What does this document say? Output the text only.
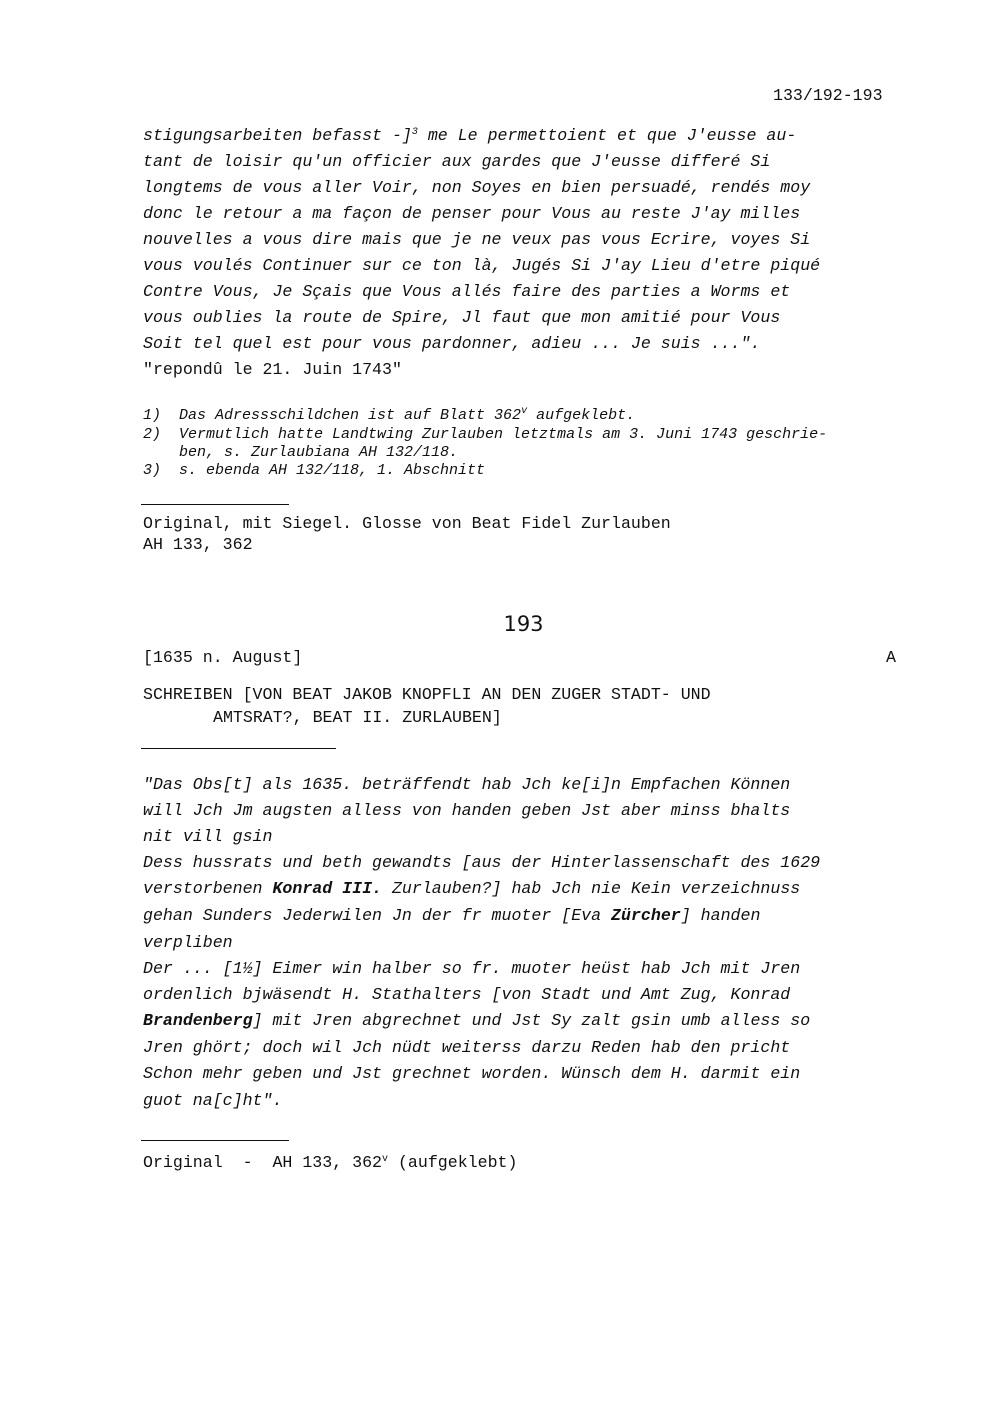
133/192-193
stigungsarbeiten befasst -]$^3$ me Le permettoient et que J'eusse au-
tant de loisir qu'un officier aux gardes que J'eusse differé Si
longtems de vous aller Voir, non Soyes en bien persuadé, rendés moy
donc le retour a ma façon de penser pour Vous au reste J'ay milles
nouvelles a vous dire mais que je ne veux pas vous Ecrire, voyes Si
vous voulés Continuer sur ce ton là, Jugés Si J'ay Lieu d'etre piqué
Contre Vous, Je Sçais que Vous allés faire des parties a Worms et
vous oublies la route de Spire, Jl faut que mon amitié pour Vous
Soit tel quel est pour vous pardonner, adieu ... Je suis ...".
"repondû le 21. Juin 1743"
1) Das Adressschildchen ist auf Blatt 362$^v$ aufgeklebt.
2) Vermutlich hatte Landtwing Zurlauben letztmals am 3. Juni 1743 geschrie-
ben, s. Zurlaubiana AH 132/118.
3) s. ebenda AH 132/118, 1. Abschnitt
Original, mit Siegel. Glosse von Beat Fidel Zurlauben
AH 133, 362
193
[1635 n. August]	A
SCHREIBEN [VON BEAT JAKOB KNOPFLI AN DEN ZUGER STADT- UND
AMTSRAT?, BEAT II. ZURLAUBEN]
"Das Obs[t] als 1635. beträffendt hab Jch ke[i]n Empfachen Können
will Jch Jm augsten alless von handen geben Jst aber minss bhalts
nit vill gsin
Dess hussrats und beth gewandts [aus der Hinterlassenschaft des 1629
verstorbenen Konrad III. Zurlauben?] hab Jch nie Kein verzeichnuss
gehan Sunders Jederwilen Jn der fr muoter [Eva Zürcher] handen
verpliben
Der ... [1½] Eimer win halber so fr. muoter heüst hab Jch mit Jren
ordenlich bjwäsendt H. Stathalters [von Stadt und Amt Zug, Konrad
Brandenberg] mit Jren abgrechnet und Jst Sy zalt gsin umb alless so
Jren ghört; doch wil Jch nüdt weiterss darzu Reden hab den pricht
Schon mehr geben und Jst grechnet worden. Wünsch dem H. darmit ein
guot na[c]ht".
Original  -  AH 133, 362$^v$ (aufgeklebt)
